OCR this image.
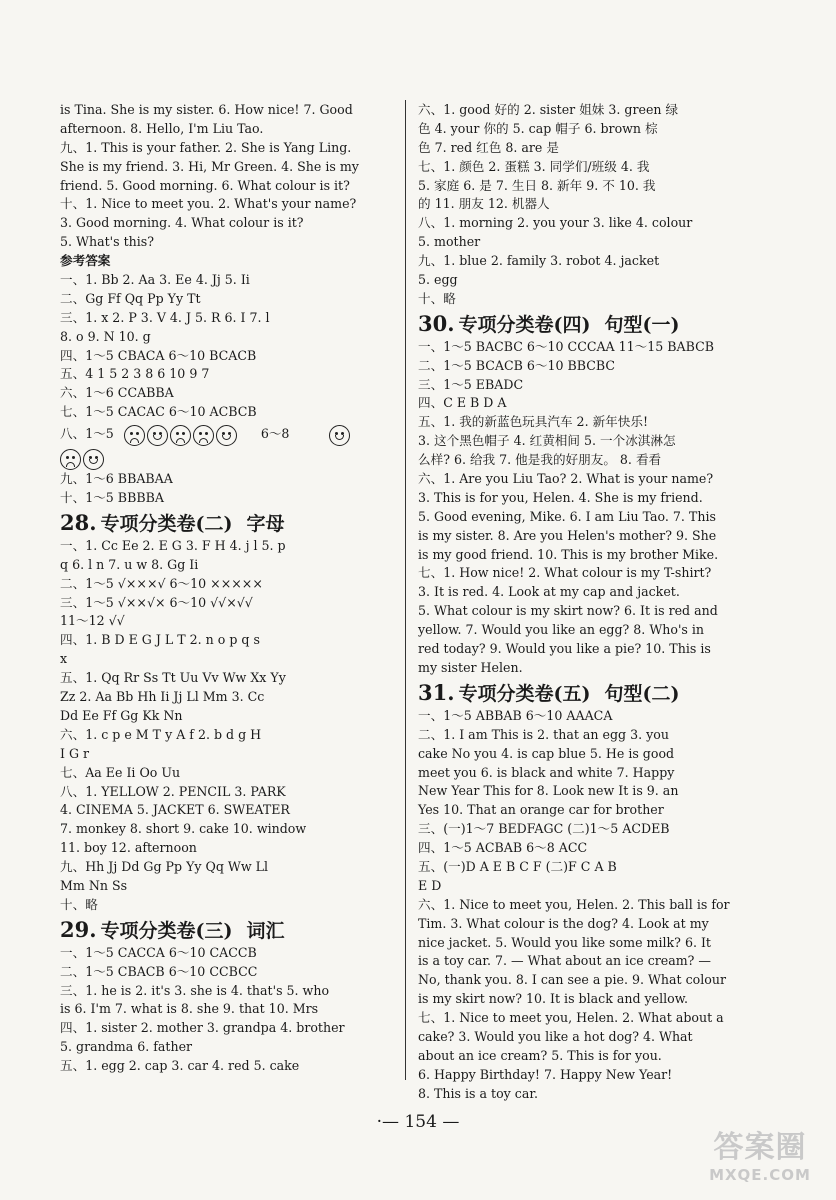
is Tina. She is my sister. 6. How nice! 7. Good
afternoon. 8. Hello, I'm Liu Tao.
九、1. This is your father. 2. She is Yang Ling.
She is my friend. 3. Hi, Mr Green. 4. She is my
friend. 5. Good morning. 6. What colour is it?
十、1. Nice to meet you. 2. What's your name?
3. Good morning. 4. What colour is it?
5. What's this?
参考答案
一、1. Bb 2. Aa 3. Ee 4. Jj 5. Ii
二、Gg Ff Qq Pp Yy Tt
三、1. x 2. P 3. V 4. J 5. R 6. I 7. l
8. o 9. N 10. g
四、1～5 CBACA 6～10 BCACB
五、4 1 5 2 3 8 6 10 9 7
六、1～6 CCABBA
七、1～5 CACAC 6～10 ACBCB
八、1～5	6～8
九、1～6 BBABAA
十、1～5 BBBBA
28. 专项分类卷(二) 字母
一、1. Cc Ee 2. E G 3. F H 4. j l 5. p
q 6. l n 7. u w 8. Gg Ii
二、1～5 √×××√ 6～10 ×××××
三、1～5 √××√× 6～10 √√×√√
11～12 √√
四、1. B D E G J L T 2. n o p q s
x
五、1. Qq Rr Ss Tt Uu Vv Ww Xx Yy
Zz 2. Aa Bb Hh Ii Jj Ll Mm 3. Cc
Dd Ee Ff Gg Kk Nn
六、1. c p e M T y A f 2. b d g H
I G r
七、Aa Ee Ii Oo Uu
八、1. YELLOW 2. PENCIL 3. PARK
4. CINEMA 5. JACKET 6. SWEATER
7. monkey 8. short 9. cake 10. window
11. boy 12. afternoon
九、Hh Jj Dd Gg Pp Yy Qq Ww Ll
Mm Nn Ss
十、略
29. 专项分类卷(三) 词汇
一、1～5 CACCA 6～10 CACCB
二、1～5 CBACB 6～10 CCBCC
三、1. he is 2. it's 3. she is 4. that's 5. who
is 6. I'm 7. what is 8. she 9. that 10. Mrs
四、1. sister 2. mother 3. grandpa 4. brother
5. grandma 6. father
五、1. egg 2. cap 3. car 4. red 5. cake
六、1. good 好的 2. sister 姐妹 3. green 绿
色 4. your 你的 5. cap 帽子 6. brown 棕
色 7. red 红色 8. are 是
七、1. 颜色 2. 蛋糕 3. 同学们/班级 4. 我
5. 家庭 6. 是 7. 生日 8. 新年 9. 不 10. 我
的 11. 朋友 12. 机器人
八、1. morning 2. you your 3. like 4. colour
5. mother
九、1. blue 2. family 3. robot 4. jacket
5. egg
十、略
30. 专项分类卷(四) 句型(一)
一、1～5 BACBC 6～10 CCCAA 11～15 BABCB
二、1～5 BCACB 6～10 BBCBC
三、1～5 EBADC
四、C E B D A
五、1. 我的新蓝色玩具汽车 2. 新年快乐!
3. 这个黑色帽子 4. 红黄相间 5. 一个冰淇淋怎
么样? 6. 给我 7. 他是我的好朋友。 8. 看看
六、1. Are you Liu Tao? 2. What is your name?
3. This is for you, Helen. 4. She is my friend.
5. Good evening, Mike. 6. I am Liu Tao. 7. This
is my sister. 8. Are you Helen's mother? 9. She
is my good friend. 10. This is my brother Mike.
七、1. How nice! 2. What colour is my T-shirt?
3. It is red. 4. Look at my cap and jacket.
5. What colour is my skirt now? 6. It is red and
yellow. 7. Would you like an egg? 8. Who's in
red today? 9. Would you like a pie? 10. This is
my sister Helen.
31. 专项分类卷(五) 句型(二)
一、1～5 ABBAB 6～10 AAACA
二、1. I am This is 2. that an egg 3. you
cake No you 4. is cap blue 5. He is good
meet you 6. is black and white 7. Happy
New Year This for 8. Look new It is 9. an
Yes 10. That an orange car for brother
三、(一)1～7 BEDFAGC (二)1～5 ACDEB
四、1～5 ACBAB 6～8 ACC
五、(一)D A E B C F (二)F C A B
E D
六、1. Nice to meet you, Helen. 2. This ball is for
Tim. 3. What colour is the dog? 4. Look at my
nice jacket. 5. Would you like some milk? 6. It
is a toy car. 7. — What about an ice cream? —
No, thank you. 8. I can see a pie. 9. What colour
is my skirt now? 10. It is black and yellow.
七、1. Nice to meet you, Helen. 2. What about a
cake? 3. Would you like a hot dog? 4. What
about an ice cream? 5. This is for you.
6. Happy Birthday! 7. Happy New Year!
8. This is a toy car.
·— 154 —
答案圈
MXQE.COM
